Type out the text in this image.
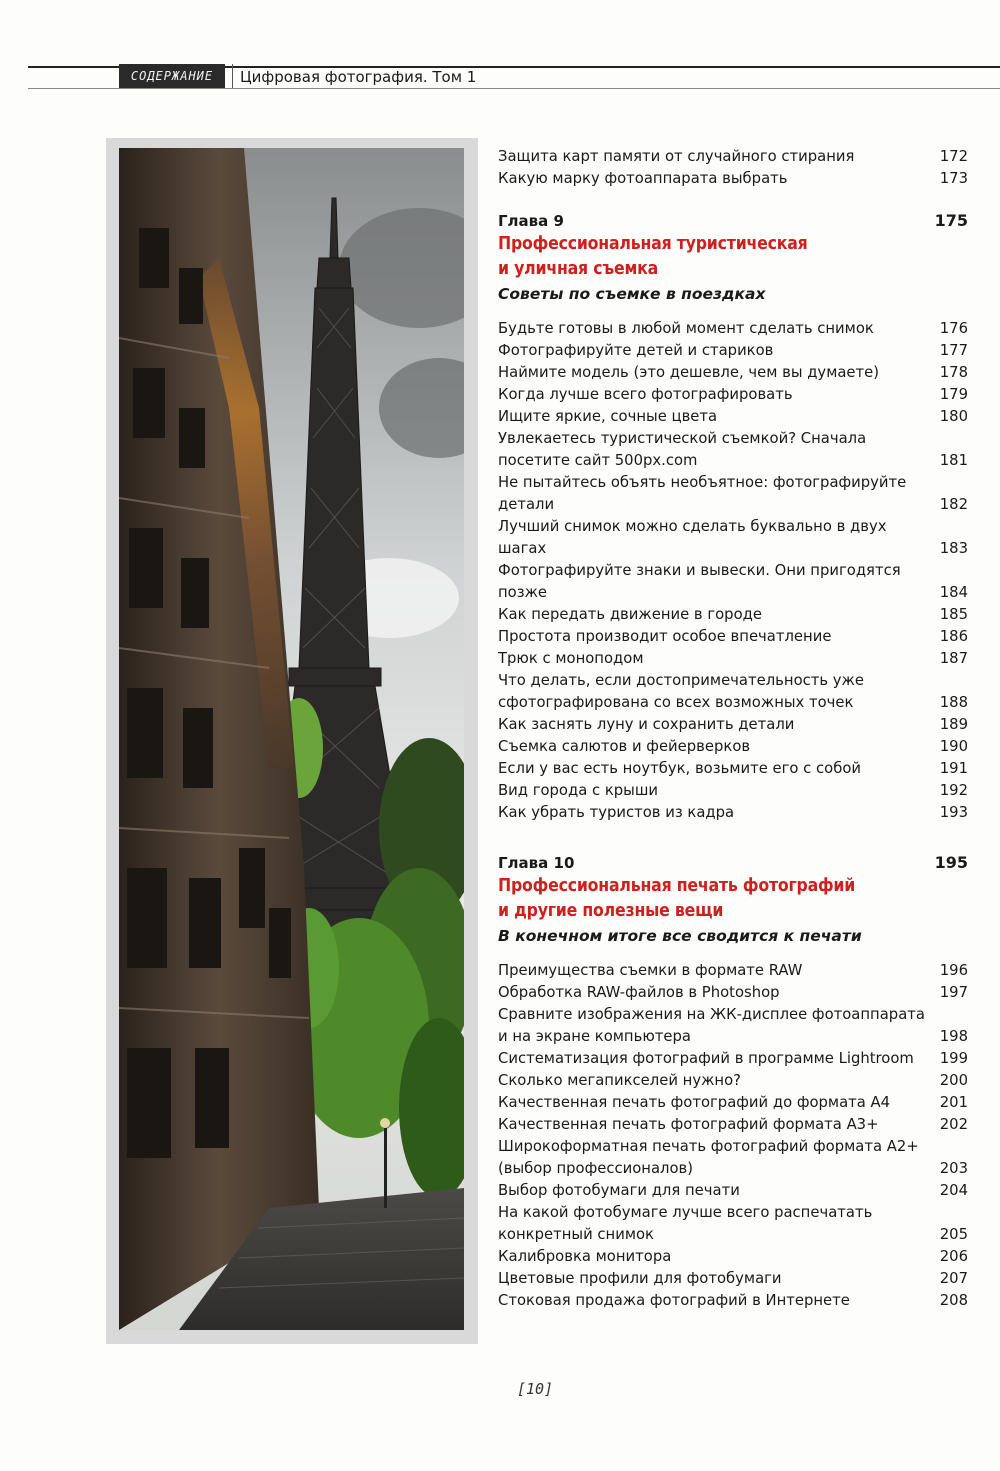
СОДЕРЖАНИЕ	Цифровая фотография. Том 1
Защита карт памяти от случайного стирания	172
Какую марку фотоаппарата выбрать	173
Глава 9	175
Профессиональная туристическая
и уличная съемка
Советы по съемке в поездках
Будьте готовы в любой момент сделать снимок	176
Фотографируйте детей и стариков	177
Наймите модель (это дешевле, чем вы думаете)	178
Когда лучше всего фотографировать	179
Ищите яркие, сочные цвета	180
Увлекаетесь туристической съемкой? Сначала посетите сайт 500px.com	181
Не пытайтесь объять необъятное: фотографируйте детали	182
Лучший снимок можно сделать буквально в двух шагах	183
Фотографируйте знаки и вывески. Они пригодятся позже	184
Как передать движение в городе	185
Простота производит особое впечатление	186
Трюк с моноподом	187
Что делать, если достопримечательность уже сфотографирована со всех возможных точек	188
Как заснять луну и сохранить детали	189
Съемка салютов и фейерверков	190
Если у вас есть ноутбук, возьмите его с собой	191
Вид города с крыши	192
Как убрать туристов из кадра	193
Глава 10	195
Профессиональная печать фотографий
и другие полезные вещи
В конечном итоге все сводится к печати
Преимущества съемки в формате RAW	196
Обработка RAW-файлов в Photoshop	197
Сравните изображения на ЖК-дисплее фотоаппарата и на экране компьютера	198
Систематизация фотографий в программе Lightroom	199
Сколько мегапикселей нужно?	200
Качественная печать фотографий до формата А4	201
Качественная печать фотографий формата А3+	202
Широкоформатная печать фотографий формата А2+ (выбор профессионалов)	203
Выбор фотобумаги для печати	204
На какой фотобумаге лучше всего распечатать конкретный снимок	205
Калибровка монитора	206
Цветовые профили для фотобумаги	207
Стоковая продажа фотографий в Интернете	208
[10]
